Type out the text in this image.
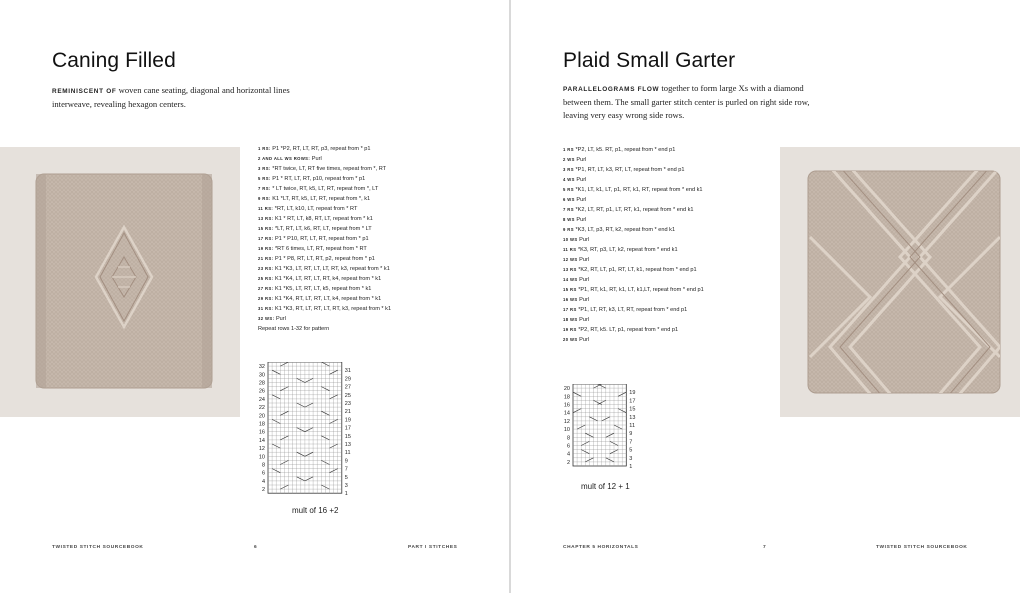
Caning Filled

REMINISCENT OF woven cane seating, diagonal and horizontal lines interweave, revealing hexagon centers.

1 RS: P1 *P2, RT, LT, RT, p3, repeat from * p1
2 AND ALL WS ROWS: Purl
3 RS: *RT twice, LT, RT five times, repeat from *, RT
5 RS: P1 * RT, LT, RT, p10, repeat from * p1
7 RS: * LT twice, RT, k5, LT, RT, repeat from *, LT
9 RS: K1 *LT, RT, k5, LT, RT, repeat from *, k1
11 RS: *RT, LT, k10, LT, repeat from * RT
13 RS: K1 * RT, LT, k8, RT, LT, repeat from * k1
15 RS: *LT, RT, LT, k6, RT, LT, repeat from * LT
17 RS: P1 * P10, RT, LT, RT, repeat from * p1
19 RS: *RT 6 times, LT, RT, repeat from * RT
21 RS: P1 * P8, RT, LT, RT, p2, repeat from * p1
23 RS: K1 *K3, LT, RT, LT, LT, RT, k3, repeat from * k1
25 RS: K1 *K4, LT, RT, LT, RT, k4, repeat from * k1
27 RS: K1 *K5, LT, RT, LT, k5, repeat from * k1
29 RS: K1 *K4, RT, LT, RT, LT, k4, repeat from * k1
31 RS: K1 *K3, RT, LT, RT, LT, RT, k3, repeat from * k1
32 WS: Purl
Repeat rows 1-32 for pattern
32
30
28
26
24
22
20
18
16
14
12
10
8
6
4
2
31
29
27
25
23
21
19
17
15
13
11
9
7
5
3
1
mult of 16 +2
TWISTED STITCH SOURCEBOOK	6	PART I STITCHES
Plaid Small Garter

PARALLELOGRAMS FLOW together to form large Xs with a diamond between them. The small garter stitch center is purled on right side row, leaving very easy wrong side rows.

1 RS *P2, LT, k5. RT, p1, repeat from * end p1
2 WS Purl
3 RS *P1, RT, LT, k3, RT, LT, repeat from * end p1
4 WS Purl
5 RS *K1, LT, k1, LT, p1, RT, k1, RT, repeat from * end k1
6 WS Purl
7 RS *K2, LT, RT, p1, LT, RT, k1, repeat from * end k1
8 WS Purl
9 RS *K3, LT, p3, RT, k2, repeat from * end k1
10 WS Purl
11 RS *K3, RT, p3, LT, k2, repeat from * end k1
12 WS Purl
13 RS *K2, RT, LT, p1, RT, LT, k1, repeat from * end p1
14 WS Purl
15 RS *P1, RT, k1, RT, k1, LT, k1,LT, repeat from * end p1
16 WS Purl
17 RS *P1, LT, RT, k3, LT, RT, repeat from * end p1
18 WS Purl
19 RS *P2, RT, k5. LT, p1, repeat from * end p1
20 WS Purl
20
18
16
14
12
10
8
6
4
2
19
17
15
13
11
9
7
5
3
1
mult of 12 + 1
CHAPTER 5 HORIZONTALS	7	TWISTED STITCH SOURCEBOOK
